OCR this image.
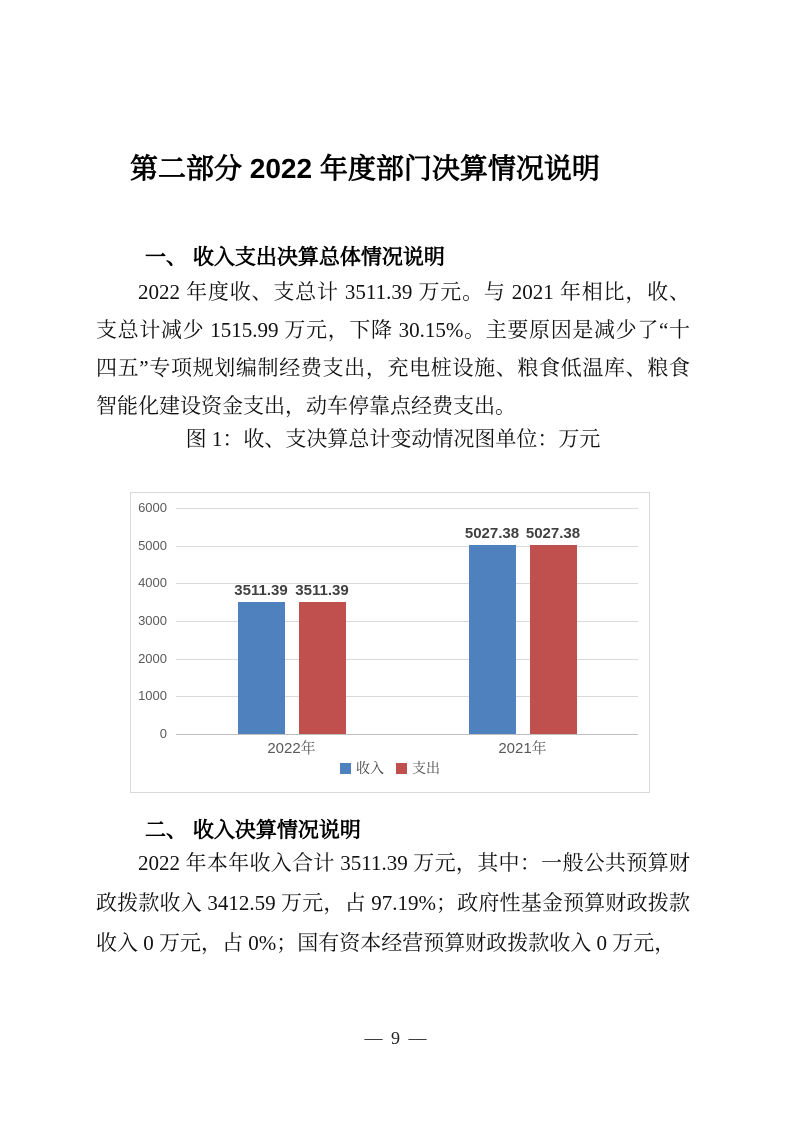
第二部分 2022 年度部门决算情况说明
一、 收入支出决算总体情况说明
2022 年度收、支总计 3511.39 万元。与 2021 年相比，收、支总计减少 1515.99 万元，下降 30.15%。主要原因是减少了“十四五”专项规划编制经费支出，充电桩设施、粮食低温库、粮食智能化建设资金支出，动车停靠点经费支出。
图 1：收、支决算总计变动情况图单位：万元
0
1000
2000
3000
4000
5000
6000
2022年
3511.39 3511.39
2021年
5027.38 5027.38
收入 支出
二、 收入决算情况说明
2022 年本年收入合计 3511.39 万元，其中：一般公共预算财政拨款收入 3412.59 万元，占 97.19%；政府性基金预算财政拨款收入 0 万元，占 0%；国有资本经营预算财政拨款收入 0 万元，
— 9 —
